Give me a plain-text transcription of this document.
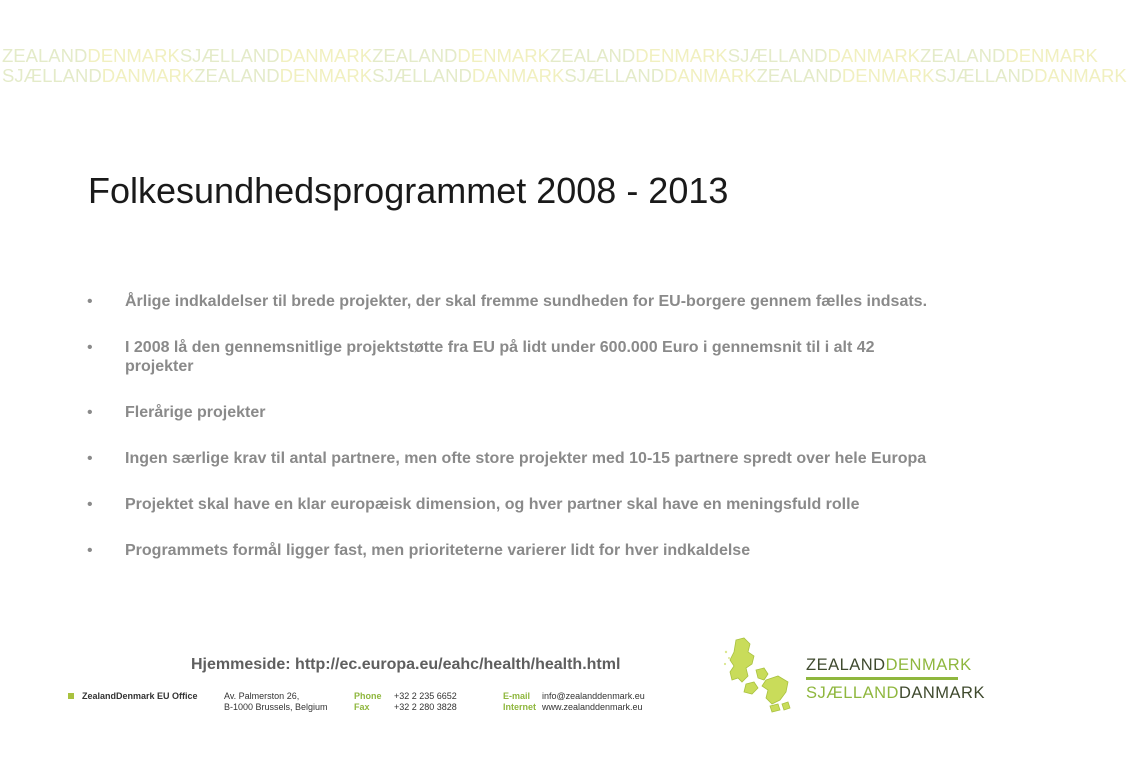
ZEALANDDENMARKSJÆLLANDDANMARKZEALANDDENMARKZEALANDDENMARKSJÆLLANDDANMARKZEALANDDENMARK
SJÆLLANDDANMARKZEALANDDENMARKSJÆLLANDDANMARKSJÆLLANDDANMARKZEALANDDENMARKSJÆLLANDDANMARK
Folkesundhedsprogrammet 2008 - 2013
• Årlige indkaldelser til brede projekter, der skal fremme sundheden for EU-borgere gennem fælles indsats.
• I 2008 lå den gennemsnitlige projektstøtte fra EU på lidt under 600.000 Euro i gennemsnit til i alt 42 projekter
• Flerårige projekter
• Ingen særlige krav til antal partnere, men ofte store projekter med 10-15 partnere spredt over hele Europa
• Projektet skal have en klar europæisk dimension, og hver partner skal have en meningsfuld rolle
• Programmets formål ligger fast, men prioriteterne varierer lidt for hver indkaldelse
Hjemmeside: http://ec.europa.eu/eahc/health/health.html	ZEALANDDENMARK
SJÆLLANDDANMARK
ZealandDenmark EU Office	Av. Palmerston 26,
B-1000 Brussels, Belgium
Phone
Fax
+32 2 235 6652
+32 2 280 3828
E-mail
Internet
info@zealanddenmark.eu
www.zealanddenmark.eu
